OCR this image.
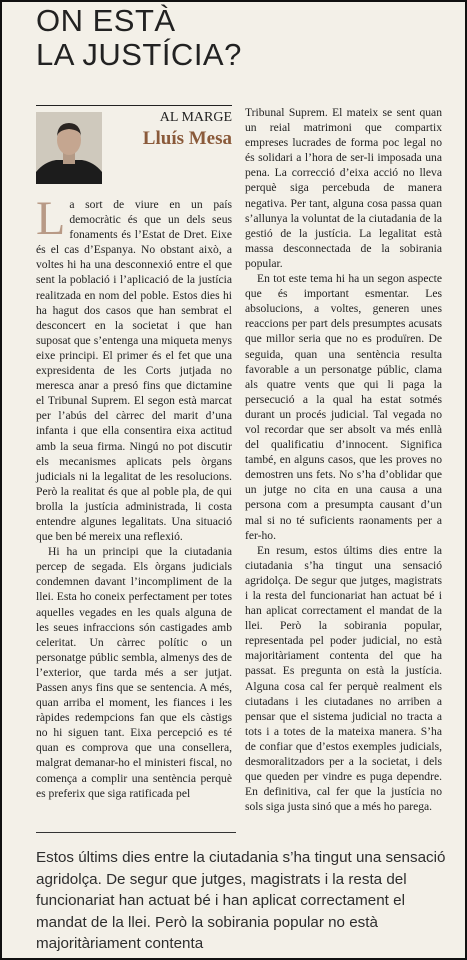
ON ESTÀ
LA JUSTÍCIA?
AL MARGE
Lluís Mesa

L a sort de viure en un país democràtic és que un dels seus fonaments és l’Estat de Dret. Eixe és el cas d’Espanya. No obstant això, a voltes hi ha una desconnexió entre el que sent la població i l’aplicació de la justícia realitzada en nom del poble. Estos dies hi ha hagut dos casos que han sembrat el desconcert en la societat i que han suposat que s’entenga una miqueta menys eixe principi. El primer és el fet que una expresidenta de les Corts jutjada no meresca anar a presó fins que dictamine el Tribunal Suprem. El segon està marcat per l’abús del càrrec del marit d’una infanta i que ella consentira eixa actitud amb la seua firma. Ningú no pot discutir els mecanismes aplicats pels òrgans judicials ni la legalitat de les resolucions. Però la realitat és que al poble pla, de qui brolla la justícia administrada, li costa entendre algunes legalitats. Una situació que ben bé mereix una reflexió.

Hi ha un principi que la ciutadania percep de segada. Els òrgans judicials condemnen davant l’incompliment de la llei. Esta ho coneix perfectament per totes aquelles vegades en les quals alguna de les seues infraccions són castigades amb celeritat. Un càrrec polític o un personatge públic sembla, almenys des de l’exterior, que tarda més a ser jutjat. Passen anys fins que se sentencia. A més, quan arriba el moment, les fiances i les ràpides redempcions fan que els càstigs no hi siguen tant. Eixa percepció es té quan es comprova que una consellera, malgrat demanar-ho el ministeri fiscal, no comença a complir una sentència perquè es preferix que siga ratificada pel

Tribunal Suprem. El mateix se sent quan un reial matrimoni que compartix empreses lucrades de forma poc legal no és solidari a l’hora de ser-li imposada una pena. La correcció d’eixa acció no lleva perquè siga percebuda de manera negativa. Per tant, alguna cosa passa quan s’allunya la voluntat de la ciutadania de la gestió de la justícia. La legalitat està massa desconnectada de la sobirania popular.

En tot este tema hi ha un segon aspecte que és important esmentar. Les absolucions, a voltes, generen unes reaccions per part dels presumptes acusats que millor seria que no es produïren. De seguida, quan una sentència resulta favorable a un personatge públic, clama als quatre vents que qui li paga la persecució a la qual ha estat sotmés durant un procés judicial. Tal vegada no vol recordar que ser absolt va més enllà del qualificatiu d’innocent. Significa també, en alguns casos, que les proves no demostren uns fets. No s’ha d’oblidar que un jutge no cita en una causa a una persona com a presumpta causant d’un mal si no té suficients raonaments per a fer-ho.

En resum, estos últims dies entre la ciutadania s’ha tingut una sensació agridolça. De segur que jutges, magistrats i la resta del funcionariat han actuat bé i han aplicat correctament el mandat de la llei. Però la sobirania popular, representada pel poder judicial, no està majoritàriament contenta del que ha passat. Es pregunta on està la justícia. Alguna cosa cal fer perquè realment els ciutadans i les ciutadanes no arriben a pensar que el sistema judicial no tracta a tots i a totes de la mateixa manera. S’ha de confiar que d’estos exemples judicials, desmoralitzadors per a la societat, i dels que queden per vindre es puga dependre. En definitiva, cal fer que la justícia no sols siga justa sinó que a més ho parega.

Estos últims dies entre la ciutadania s’ha tingut una sensació agridolça. De segur que jutges, magistrats i la resta del funcionariat han actuat bé i han aplicat correctament el mandat de la llei. Però la sobirania popular no està majoritàriament contenta
